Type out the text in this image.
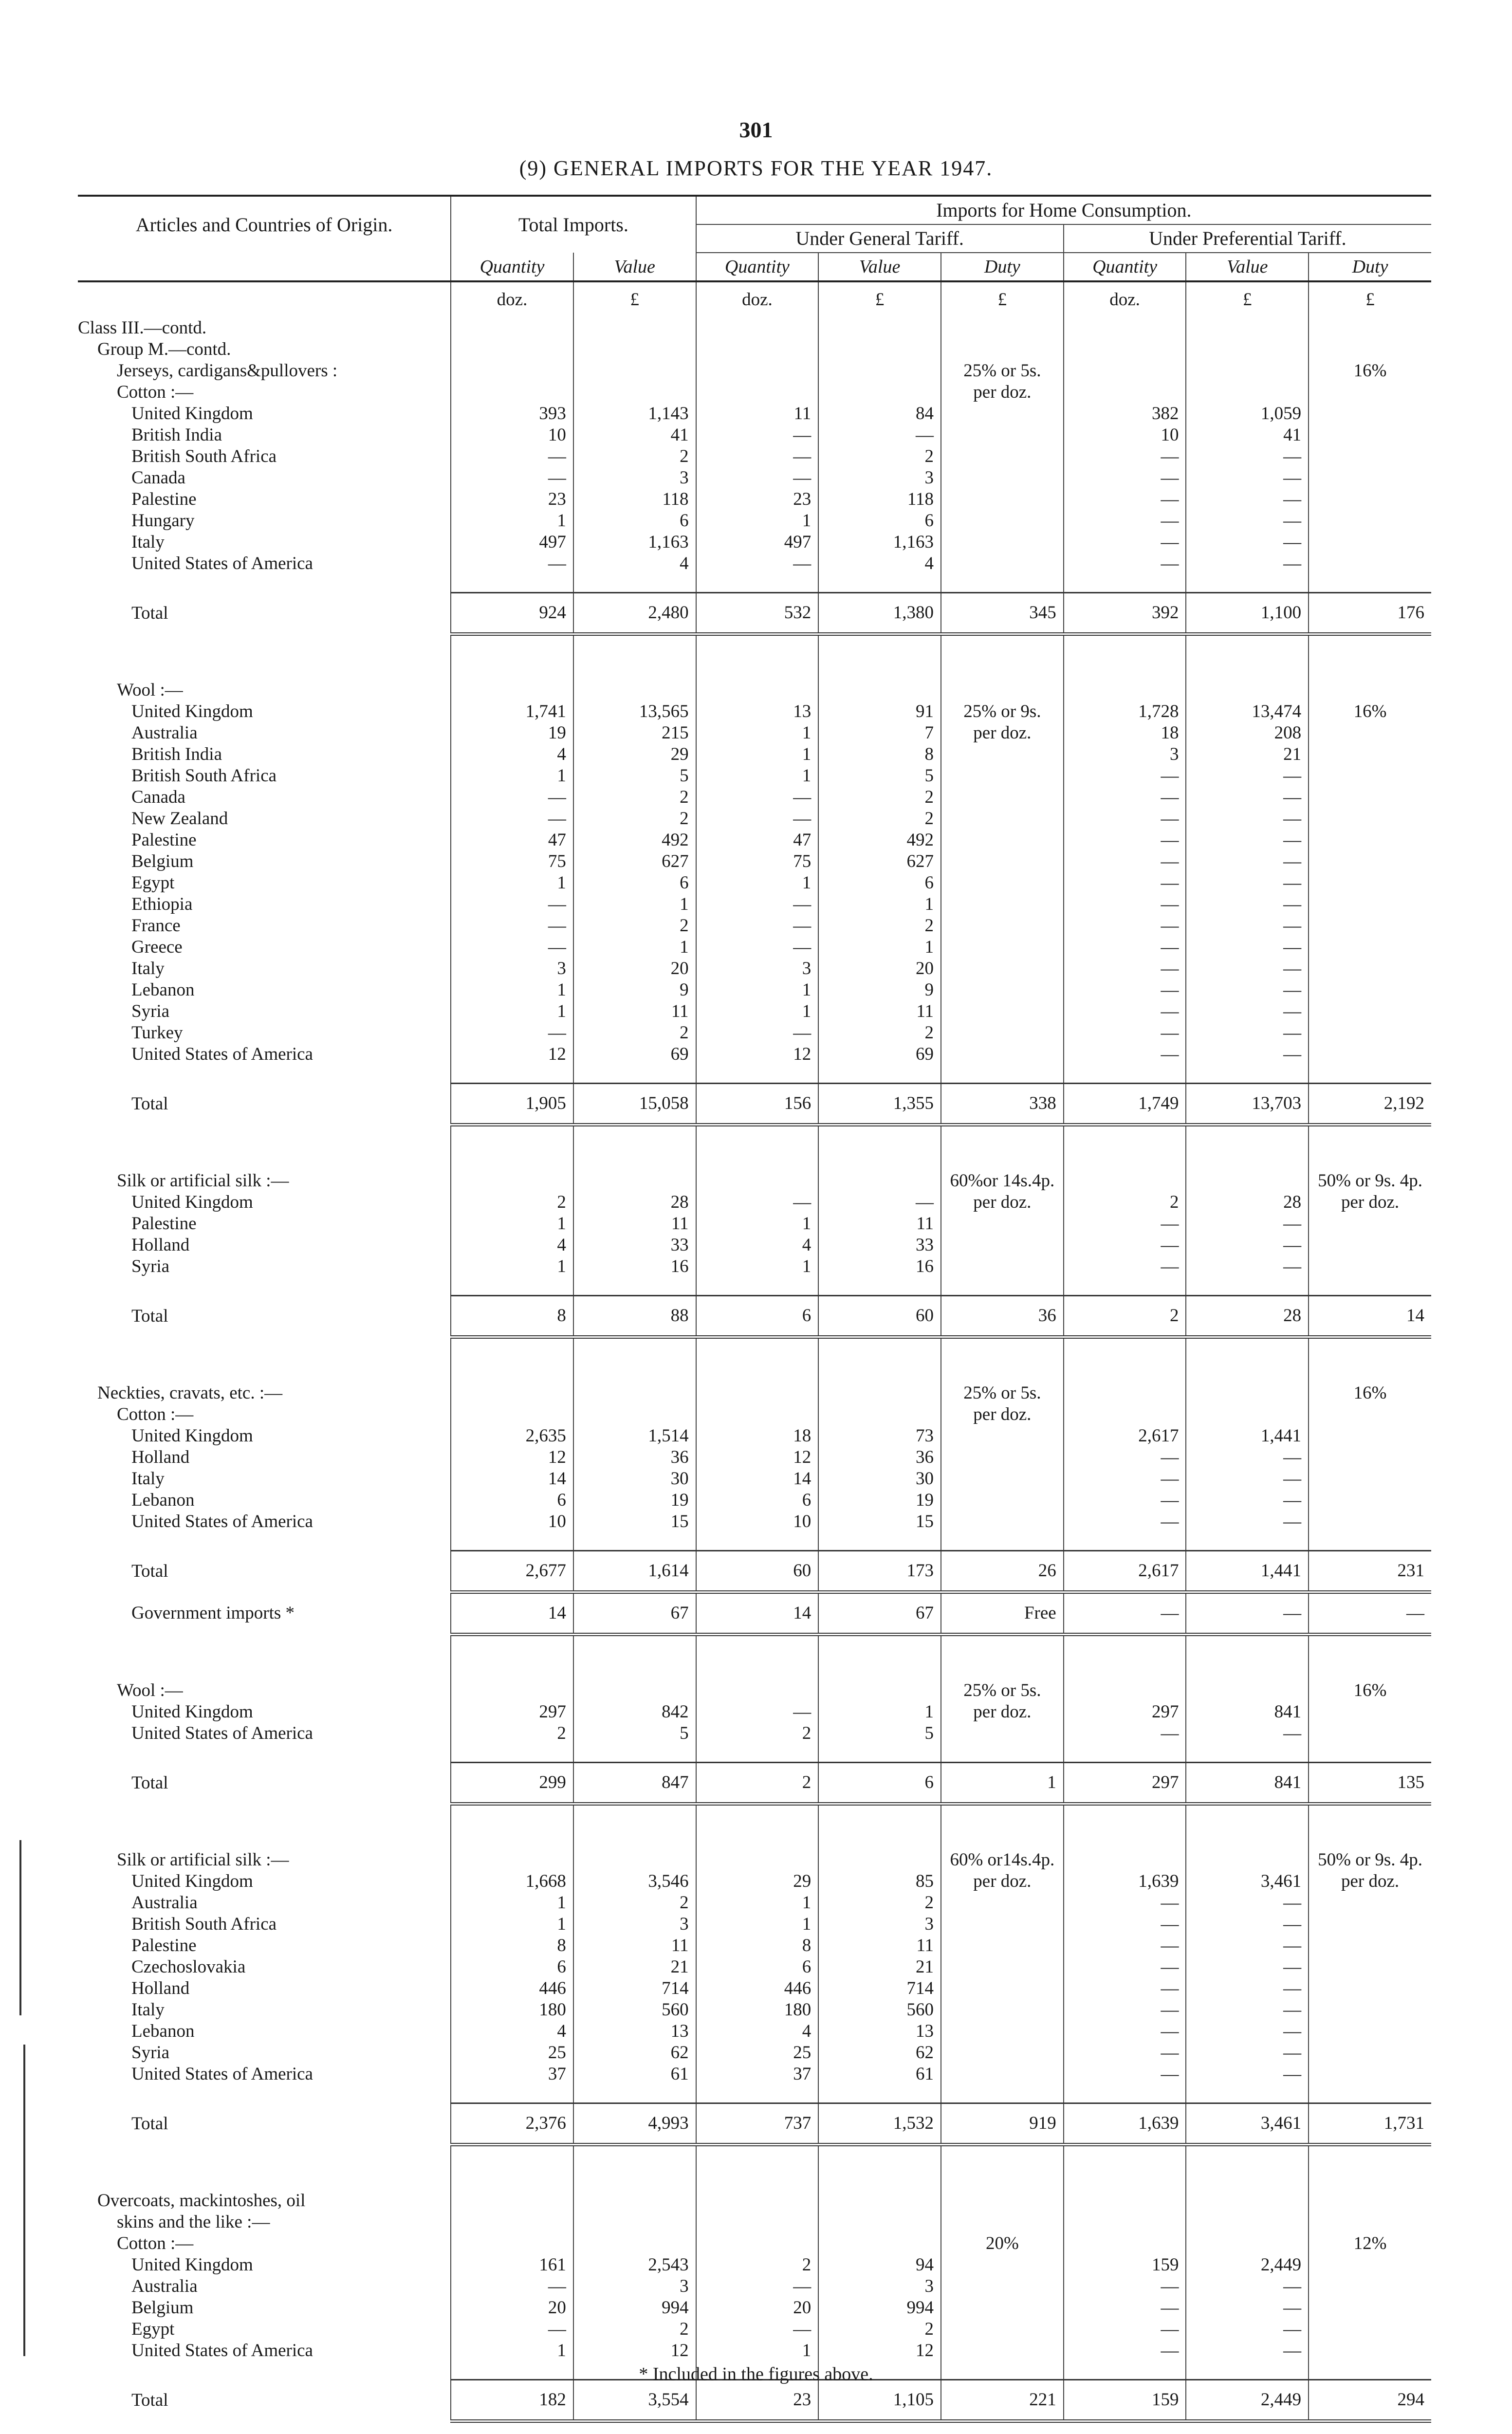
301
(9) GENERAL IMPORTS FOR THE YEAR 1947.
Articles and Countries of Origin.	Total Imports.		Imports for Home Consumption.					
			Under General Tariff.			Under Preferential Tariff.		
	Quantity	Value	Quantity	Value	Duty	Quantity	Value	Duty
	doz.	£	doz.	£	£	doz.	£	£
Class III.—contd.								
Group M.—contd.								
Jerseys, cardigans&pullovers :					25% or 5s.			16%
Cotton :—					per doz.			
United Kingdom	393	1,143	11	84		382	1,059	
British India	10	41	—	—		10	41	
British South Africa	—	2	—	2		—	—	
Canada	—	3	—	3		—	—	
Palestine	23	118	23	118		—	—	
Hungary	1	6	1	6		—	—	
Italy	497	1,163	497	1,163		—	—	
United States of America	—	4	—	4		—	—	

Total	924	2,480	532	1,380	345	392	1,100	176

Wool :—								
United Kingdom	1,741	13,565	13	91	25% or 9s.	1,728	13,474	16%
Australia	19	215	1	7	per doz.	18	208	
British India	4	29	1	8		3	21	
British South Africa	1	5	1	5		—	—	
Canada	—	2	—	2		—	—	
New Zealand	—	2	—	2		—	—	
Palestine	47	492	47	492		—	—	
Belgium	75	627	75	627		—	—	
Egypt	1	6	1	6		—	—	
Ethiopia	—	1	—	1		—	—	
France	—	2	—	2		—	—	
Greece	—	1	—	1		—	—	
Italy	3	20	3	20		—	—	
Lebanon	1	9	1	9		—	—	
Syria	1	11	1	11		—	—	
Turkey	—	2	—	2		—	—	
United States of America	12	69	12	69		—	—	

Total	1,905	15,058	156	1,355	338	1,749	13,703	2,192

Silk or artificial silk :—					60%or 14s.4p.			50% or 9s. 4p.
United Kingdom	2	28	—	—	per doz.	2	28	per doz.
Palestine	1	11	1	11		—	—	
Holland	4	33	4	33		—	—	
Syria	1	16	1	16		—	—	

Total	8	88	6	60	36	2	28	14

Neckties, cravats, etc. :—					25% or 5s.			16%
Cotton :—					per doz.			
United Kingdom	2,635	1,514	18	73		2,617	1,441	
Holland	12	36	12	36		—	—	
Italy	14	30	14	30		—	—	
Lebanon	6	19	6	19		—	—	
United States of America	10	15	10	15		—	—	

Total	2,677	1,614	60	173	26	2,617	1,441	231
Government imports *	14	67	14	67	Free	—	—	—

Wool :—					25% or 5s.			16%
United Kingdom	297	842	—	1	per doz.	297	841	
United States of America	2	5	2	5		—	—	

Total	299	847	2	6	1	297	841	135

Silk or artificial silk :—					60% or14s.4p.			50% or 9s. 4p.
United Kingdom	1,668	3,546	29	85	per doz.	1,639	3,461	per doz.
Australia	1	2	1	2		—	—	
British South Africa	1	3	1	3		—	—	
Palestine	8	11	8	11		—	—	
Czechoslovakia	6	21	6	21		—	—	
Holland	446	714	446	714		—	—	
Italy	180	560	180	560		—	—	
Lebanon	4	13	4	13		—	—	
Syria	25	62	25	62		—	—	
United States of America	37	61	37	61		—	—	

Total	2,376	4,993	737	1,532	919	1,639	3,461	1,731

Overcoats, mackintoshes, oil								
skins and the like :—								
Cotton :—					20%			12%
United Kingdom	161	2,543	2	94		159	2,449	
Australia	—	3	—	3		—	—	
Belgium	20	994	20	994		—	—	
Egypt	—	2	—	2		—	—	
United States of America	1	12	1	12		—	—	

Total	182	3,554	23	1,105	221	159	2,449	294
* Included in the figures above.
